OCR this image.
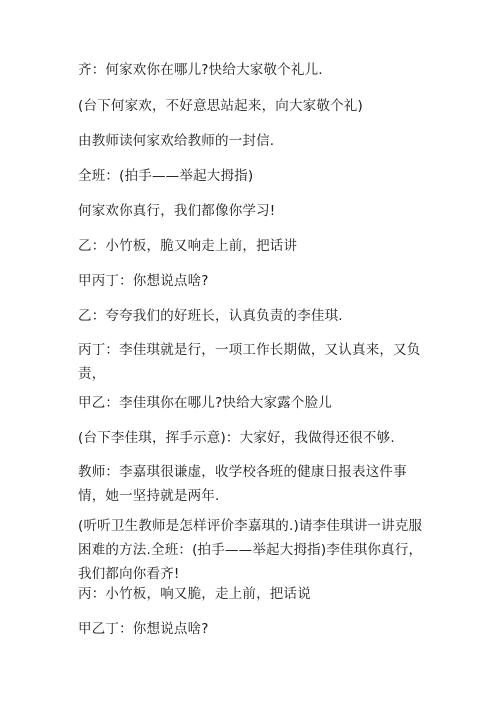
齐：何家欢你在哪儿?快给大家敬个礼儿.
(台下何家欢，不好意思站起来，向大家敬个礼)
由教师读何家欢给教师的一封信.
全班：(拍手——举起大拇指)
何家欢你真行，我们都像你学习!
乙：小竹板，脆又响走上前，把话讲
甲丙丁：你想说点啥?
乙：夸夸我们的好班长，认真负责的李佳琪.
丙丁：李佳琪就是行，一项工作长期做，又认真来，又负责，
甲乙：李佳琪你在哪儿?快给大家露个脸儿
(台下李佳琪，挥手示意)：大家好，我做得还很不够.
教师：李嘉琪很谦虚，收学校各班的健康日报表这件事情，她一坚持就是两年.
(听听卫生教师是怎样评价李嘉琪的.)请李佳琪讲一讲克服困难的方法.全班：(拍手——举起大拇指)李佳琪你真行，我们都向你看齐!
丙：小竹板，响又脆，走上前，把话说
甲乙丁：你想说点啥?
